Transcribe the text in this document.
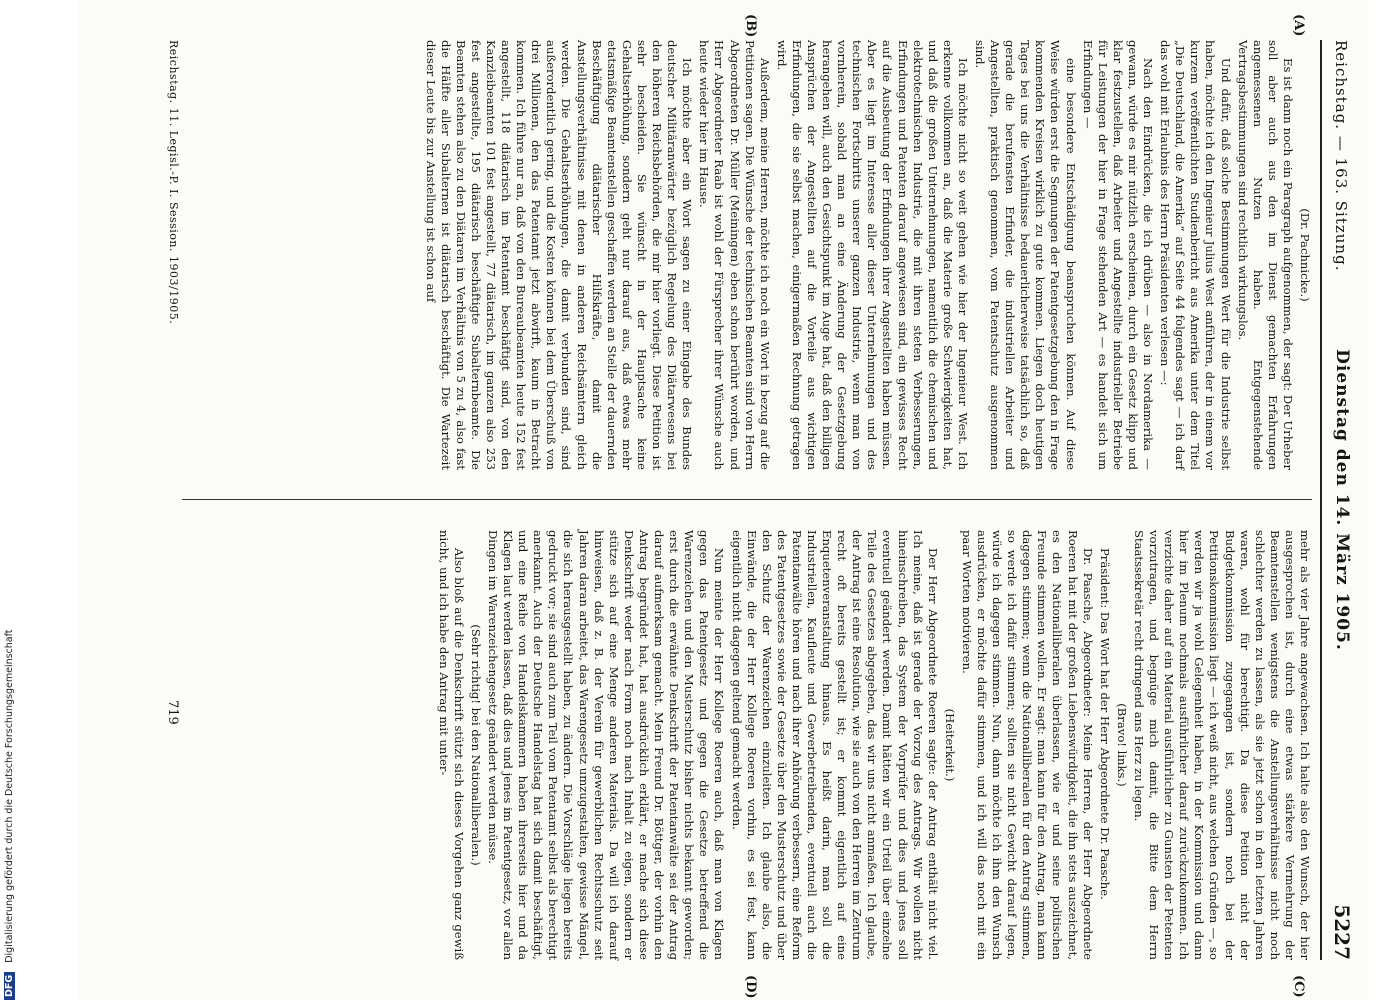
Reichstag. — 163. Sitzung.
Dienstag den 14. März 1905.
5227
(A)
(B)
(C)
(D)

(Dr. Pachnicke.)

Es ist dann noch ein Paragraph aufgenommen, der sagt: Der Urheber soll aber auch aus den im Dienst gemachten Erfahrungen angemessenen Nutzen haben. Entgegenstehende Vertragsbestimmungen sind rechtlich wirkungslos.

Und dafür, daß solche Bestimmungen Wert für die Industrie selbst haben, möchte ich den Ingenieur Julius West anführen, der in einem vor kurzem veröffentlichten Studienbericht aus Amerika unter dem Titel „Die Deutschland, die Amerika“ auf Seite 44 folgendes sagt — ich darf das wohl mit Erlaubnis des Herrn Präsidenten verlesen —:

Nach den Eindrücken, die ich drüben — also in Nordamerika — gewann, würde es mir nützlich erscheinen, durch ein Gesetz klipp und klar festzustellen, daß Arbeiter und Angestellte industrieller Betriebe für Leistungen der hier in Frage stehenden Art — es handelt sich um Erfindungen —

eine besondere Entschädigung beanspruchen können. Auf diese Weise würden erst die Segnungen der Patentgesetzgebung den in Frage kommenden Kreisen wirklich zu gute kommen. Liegen doch heutigen Tages bei uns die Verhältnisse bedauerlicherweise tatsächlich so, daß gerade die berufensten Erfinder, die industriellen Arbeiter und Angestellten, praktisch genommen, vom Patentschutz ausgenommen sind.

Ich möchte nicht so weit gehen wie hier der Ingenieur West. Ich erkenne vollkommen an, daß die Materie große Schwierigkeiten hat, und daß die großen Unternehmungen, namentlich die chemischen und elektrotechnischen Industrie, die mit ihren steten Verbesserungen, Erfindungen und Patenten darauf angewiesen sind, ein gewisses Recht auf die Ausbeutung der Erfindungen ihrer Angestellten haben müssen. Aber es liegt im Interesse aller dieser Unternehmungen und des technischen Fortschritts unserer ganzen Industrie, wenn man von vornherein, sobald man an eine Änderung der Gesetzgebung herangehen will, auch den Gesichtspunkt im Auge hat, daß den billigen Ansprüchen der Angestellten auf die Vorteile aus wichtigen Erfindungen, die sie selbst machen, einigermaßen Rechnung getragen wird.

Außerdem, meine Herren, möchte ich noch ein Wort in bezug auf die Petitionen sagen. Die Wünsche der technischen Beamten sind von Herrn Abgeordneten Dr. Müller (Meiningen) eben schon berührt worden, und Herr Abgeordneter Raab ist wohl der Fürsprecher ihrer Wünsche auch heute wieder hier im Hause.

Ich möchte aber ein Wort sagen zu einer Eingabe des Bundes deutscher Militäranwärter bezüglich Regelung des Diätarwesens bei den höheren Reichsbehörden, die mir hier vorliegt. Diese Petition ist sehr bescheiden. Sie wünscht in der Hauptsache keine Gehaltserhöhung, sondern geht nur darauf aus, daß etwas mehr etatsmäßige Beamtenstellen geschaffen werden an Stelle der dauernden Beschäftigung diätarischer Hilfskräfte, damit die Anstellungsverhältnisse mit denen in anderen Reichsämtern gleich werden. Die Gehaltserhöhungen, die damit verbunden sind, sind außerordentlich gering, und die Kosten können bei dem Überschuß von drei Millionen, den das Patentamt jetzt abwirft, kaum in Betracht kommen. Ich führe nur an, daß von den Bureaubeamten heute 152 fest angestellt, 118 diätarisch im Patentamt beschäftigt sind, von den Kanzleibeamten 101 fest angestellt, 77 diätarisch, im ganzen also 253 fest angestellte, 195 diätarisch beschäftigte Subalternbeamte. Die Beamten stehen also zu den Diätaren im Verhältnis von 5 zu 4, also fast die Hälfte aller Subalternen ist diätarisch beschäftigt. Die Wartezeit dieser Leute bis zur Anstellung ist schon auf

mehr als vier Jahre angewachsen. Ich halte also den Wunsch, der hier ausgesprochen ist, durch eine etwas stärkere Vermehrung der Beamtenstellen wenigstens die Anstellungsverhältnisse nicht noch schlechter werden zu lassen, als sie jetzt schon in den letzten Jahren waren, wohl für berechtigt. Da diese Petition nicht der Budgetkommission zugegangen ist, sondern noch bei der Petitionskommission liegt — ich weiß nicht, aus welchen Gründen —, so werden wir ja wohl Gelegenheit haben, in der Kommission und dann hier im Plenum nochmals ausführlicher darauf zurückzukommen. Ich verzichte daher auf ein Material ausführlicher zu Gunsten der Petenten vorzutragen, und begnüge mich damit, die Bitte dem Herrn Staatssekretär recht dringend ans Herz zu legen.

(Bravo! links.)

Präsident: Das Wort hat der Herr Abgeordnete Dr. Paasche.

Dr. Paasche, Abgeordneter: Meine Herren, der Herr Abgeordnete Roeren hat mit der großen Liebenswürdigkeit, die ihn stets auszeichnet, es den Nationalliberalen überlassen, wie er und seine politischen Freunde stimmen wollen. Er sagt: man kann für den Antrag, man kann dagegen stimmen; wenn die Nationalliberalen für den Antrag stimmen, so werde ich dafür stimmen; sollten sie nicht Gewicht darauf legen, würde ich dagegen stimmen. Nun, dann möchte ich ihm den Wunsch ausdrücken, er möchte dafür stimmen, und ich will das noch mit ein paar Worten motivieren.

(Heiterkeit.)

Der Herr Abgeordnete Roeren sagte: der Antrag enthält nicht viel. Ich meine, daß ist gerade der Vorzug des Antrags. Wir wollen nicht hineinschreiben, das System der Vorprüfer und dies und jenes soll eventuell geändert werden. Damit hätten wir ein Urteil über einzelne Teile des Gesetzes abgegeben, das wir uns nicht anmaßen. Ich glaube, der Antrag ist eine Resolution, wie sie auch von den Herren im Zentrum recht oft bereits gestellt ist; er kommt eigentlich auf eine Enquetenveranstaltung hinaus. Es heißt darin, man soll die Industriellen, Kaufleute und Gewerbetreibenden, eventuell auch die Patentanwälte hören und nach ihrer Anhörung verbessern, eine Reform des Patentgesetzes sowie der Gesetze über den Musterschutz und über den Schutz der Warenzeichen einzuleiten. Ich glaube also, die Einwände, die der Herr Kollege Roeren vorhin, es sei fest, kann eigentlich nicht dagegen geltend gemacht werden.

Nun meinte der Herr Kollege Roeren auch, daß man von Klagen gegen das Patentgesetz und gegen die Gesetze betreffend die Warenzeichen und den Musterschutz bisher nichts bekannt geworden; erst durch die erwähnte Denkschrift der Patentanwälte sei der Antrag darauf aufmerksam gemacht. Mein Freund Dr. Böttger, der vorhin den Antrag begründet hat, hat ausdrücklich erklärt, er mache sich diese Denkschrift weder nach Form noch nach Inhalt zu eigen, sondern er stütze sich auf eine Menge anderen Materials. Da will ich darauf hinweisen, daß z. B. der Verein für gewerblichen Rechtsschutz seit Jahren daran arbeitet, das Warengesetz umzugestalten, gewisse Mängel, die sich herausgestellt haben, zu ändern. Die Vorschläge liegen bereits gedruckt vor; sie sind auch zum Teil vom Patentamt selbst als berechtigt anerkannt. Auch der Deutsche Handelstag hat sich damit beschäftigt, und eine Reihe von Handelskammern haben ihrerseits hier und da Klagen laut werden lassen, daß dies und jenes im Patentgesetz, vor allen Dingen im Warenzeichengesetz geändert werden müsse.

(Sehr richtig! bei den Nationalliberalen.)

Also bloß auf die Denkschrift stützt sich dieses Vorgehen ganz gewiß nicht, und ich habe den Antrag mit unter-

Reichstag. 11. Legisl.-P. I. Session. 1903/1905.
719
DFG Digitalisierung gefördert durch die Deutsche Forschungsgemeinschaft
